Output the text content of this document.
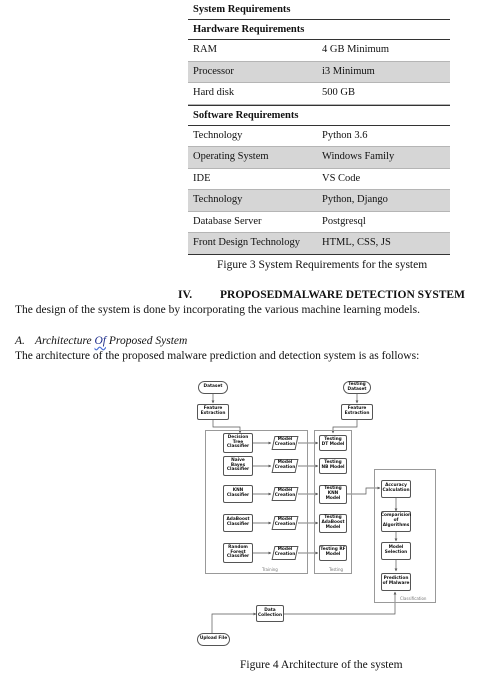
System Requirements
Hardware Requirements
RAM	4 GB Minimum
Processor	i3 Minimum
Hard disk	500 GB
Software Requirements
Technology	Python 3.6
Operating System	Windows Family
IDE	VS Code
Technology	Python, Django
Database Server	Postgresql
Front Design Technology	HTML, CSS, JS
Figure 3 System Requirements for the system
IV. PROPOSEDMALWARE DETECTION SYSTEM
The design of the system is done by incorporating the various machine learning models.
A. Architecture Of Proposed System
The architecture of the proposed malware prediction and detection system is as follows:
Training	Testing
Classification
Dataset	Testing
Dataset
Feature
Extraction
Feature
Extraction
Decision
Tree
Classifier
Naive
Bayes
Classifier
KNN
Classifier
AdaBoost
Classifier
Random
Forest
Classifier
Model
Creation
Model
Creation
Model
Creation
Model
Creation
Model
Creation
Testing
DT Model
Testing
NB Model
Testing
KNN
Model
Testing
AdaBoost
Model
Testing RF
Model
Accuracy
Calculation
Comparision
of
Algorithms
Model
Selection
Prediction
of Malware
Data
Collection
Upload File
Figure 4 Architecture of the system
